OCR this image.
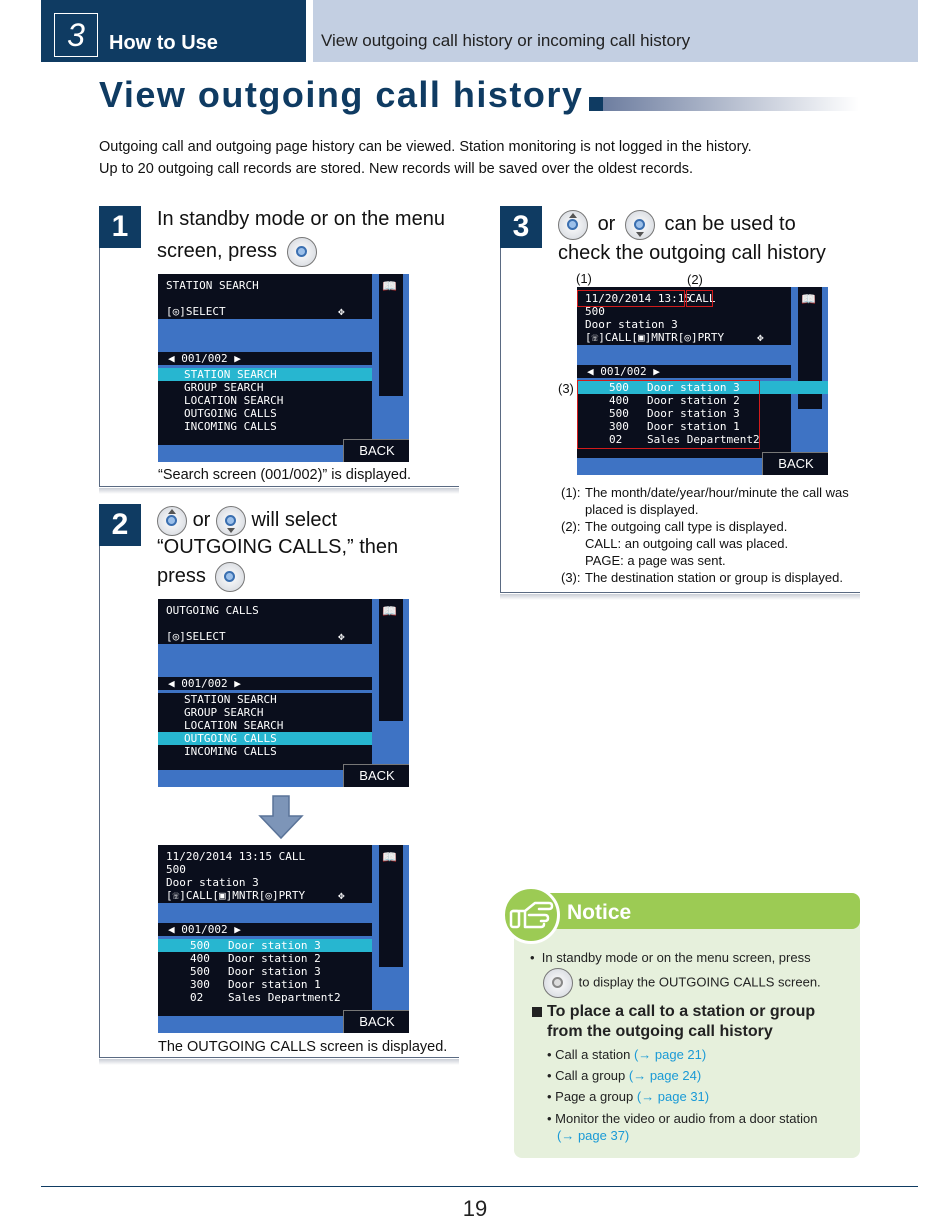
3	How to Use	View outgoing call history or incoming call history
View outgoing call history
Outgoing call and outgoing page history can be viewed. Station monitoring is not logged in the history.
Up to 20 outgoing call records are stored. New records will be saved over the oldest records.
1	In standby mode or on the menu
screen, press
📖
STATION SEARCH
[◎]SELECT	✥
◀ 001/002 ▶
STATION SEARCH
GROUP SEARCH
LOCATION SEARCH
OUTGOING CALLS
INCOMING CALLS
BACK
“Search screen (001/002)” is displayed.
2	or will select
“OUTGOING CALLS,” then
press
📖
OUTGOING CALLS
[◎]SELECT	✥
◀ 001/002 ▶
STATION SEARCH
GROUP SEARCH
LOCATION SEARCH
OUTGOING CALLS
INCOMING CALLS
BACK
📖
11/20/2014 13:15 CALL
500
Door station 3
[☏]CALL[▣]MNTR[◎]PRTY	✥
◀ 001/002 ▶
500 Door station 3
400 Door station 2
500 Door station 3
300 Door station 1
02 Sales Department2
BACK
The OUTGOING CALLS screen is displayed.
3	or can be used to
check the outgoing call history
(1)	(2)
(3)
📖
11/20/2014 13:15
CALL
500
Door station 3
[☏]CALL[▣]MNTR[◎]PRTY	✥
◀ 001/002 ▶
500 Door station 3
400 Door station 2
500 Door station 3
300 Door station 1
02 Sales Department2
BACK
(1): The month/date/year/hour/minute the call was
placed is displayed.
(2): The outgoing call type is displayed.
CALL: an outgoing call was placed.
PAGE: a page was sent.
(3): The destination station or group is displayed.
Notice
•  In standby mode or on the menu screen, press
to display the OUTGOING CALLS screen.
To place a call to a station or group
from the outgoing call history
• Call a station (→ page 21)
• Call a group (→ page 24)
• Page a group (→ page 31)
• Monitor the video or audio from a door station
(→ page 37)
19
